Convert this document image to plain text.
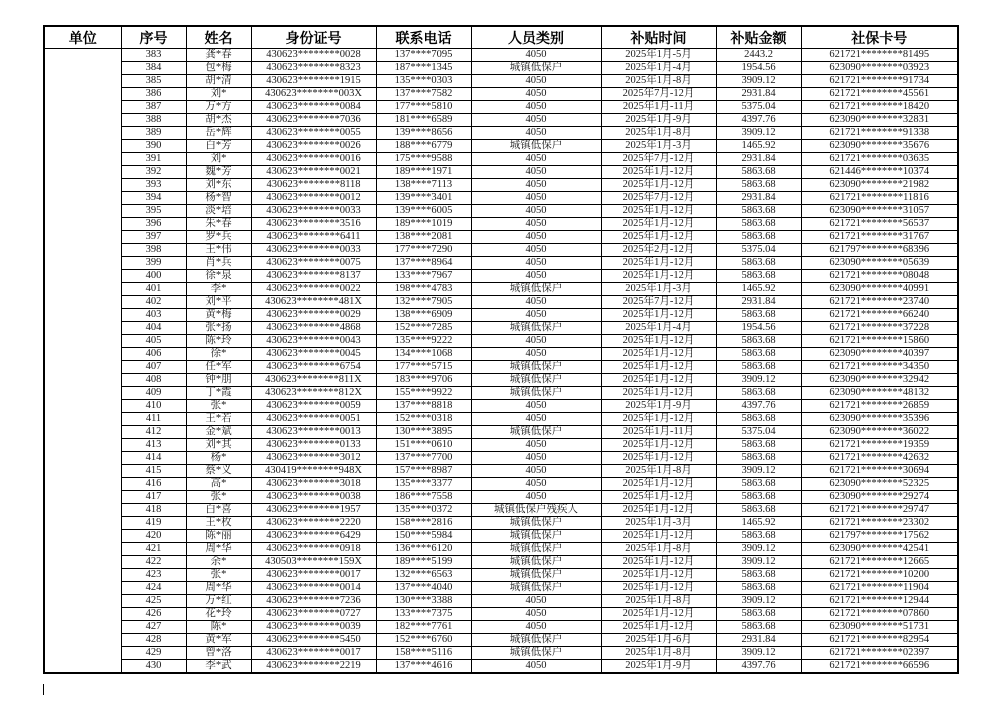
单位	序号	姓名	身份证号	联系电话	人员类别	补贴时间	补贴金额	社保卡号
	383	龚*春	430623********0028	137****7095	4050	2025年1月-5月	2443.2	621721********81495
	384	包*梅	430623********8323	187****1345	城镇低保户	2025年1月-4月	1954.56	623090********03923
	385	胡*清	430623********1915	135****0303	4050	2025年1月-8月	3909.12	621721********91734
	386	刘*	430623********003X	137****7582	4050	2025年7月-12月	2931.84	621721********45561
	387	万*方	430623********0084	177****5810	4050	2025年1月-11月	5375.04	621721********18420
	388	胡*杰	430623********7036	181****6589	4050	2025年1月-9月	4397.76	623090********32831
	389	岳*辉	430623********0055	139****8656	4050	2025年1月-8月	3909.12	621721********91338
	390	白*芳	430623********0026	188****6779	城镇低保户	2025年1月-3月	1465.92	623090********35676
	391	刘*	430623********0016	175****9588	4050	2025年7月-12月	2931.84	621721********03635
	392	魏*芳	430623********0021	189****1971	4050	2025年1月-12月	5863.68	621446********10374
	393	刘*东	430623********8118	138****7113	4050	2025年1月-12月	5863.68	623090********21982
	394	杨*智	430623********0012	139****3401	4050	2025年7月-12月	2931.84	621721********11816
	395	淡*培	430623********0033	139****6005	4050	2025年1月-12月	5863.68	623090********31057
	396	朱*春	430623********3516	189****1019	4050	2025年1月-12月	5863.68	621721********56537
	397	罗*兵	430623********6411	138****2081	4050	2025年1月-12月	5863.68	621721********31767
	398	王*伟	430623********0033	177****7290	4050	2025年2月-12月	5375.04	621797********68396
	399	肖*兵	430623********0075	137****8964	4050	2025年1月-12月	5863.68	623090********05639
	400	徐*泉	430623********8137	133****7967	4050	2025年1月-12月	5863.68	621721********08048
	401	李*	430623********0022	198****4783	城镇低保户	2025年1月-3月	1465.92	623090********40991
	402	刘*平	430623********481X	132****7905	4050	2025年7月-12月	2931.84	621721********23740
	403	黄*梅	430623********0029	138****6909	4050	2025年1月-12月	5863.68	621721********66240
	404	张*扬	430623********4868	152****7285	城镇低保户	2025年1月-4月	1954.56	621721********37228
	405	陈*玲	430623********0043	135****9222	4050	2025年1月-12月	5863.68	621721********15860
	406	徐*	430623********0045	134****1068	4050	2025年1月-12月	5863.68	623090********40397
	407	任*军	430623********6754	177****5715	城镇低保户	2025年1月-12月	5863.68	621721********34350
	408	钟*朋	430623********811X	183****9706	城镇低保户	2025年1月-12月	3909.12	623090********32942
	409	丁*霞	430623********812X	155****9922	城镇低保户	2025年1月-12月	5863.68	623090********48132
	410	张*	430623********0059	137****8818	4050	2025年1月-9月	4397.76	621721********26859
	411	王*若	430623********0051	152****0318	4050	2025年1月-12月	5863.68	623090********35396
	412	金*斌	430623********0013	130****3895	城镇低保户	2025年1月-11月	5375.04	623090********36022
	413	刘*其	430623********0133	151****0610	4050	2025年1月-12月	5863.68	621721********19359
	414	杨*	430623********3012	137****7700	4050	2025年1月-12月	5863.68	621721********42632
	415	蔡*义	430419********948X	157****8987	4050	2025年1月-8月	3909.12	621721********30694
	416	高*	430623********3018	135****3377	4050	2025年1月-12月	5863.68	623090********52325
	417	张*	430623********0038	186****7558	4050	2025年1月-12月	5863.68	623090********29274
	418	白*喜	430623********1957	135****0372	城镇低保户残疾人	2025年1月-12月	5863.68	621721********29747
	419	王*枚	430623********2220	158****2816	城镇低保户	2025年1月-3月	1465.92	621721********23302
	420	陈*丽	430623********6429	150****5984	城镇低保户	2025年1月-12月	5863.68	621797********17562
	421	周*华	430623********0918	136****6120	城镇低保户	2025年1月-8月	3909.12	623090********42541
	422	余*	430503********159X	189****5199	城镇低保户	2025年1月-12月	3909.12	621721********12665
	423	张*	430623********0017	132****6563	城镇低保户	2025年1月-12月	5863.68	621721********10200
	424	周*华	430623********0014	137****4040	城镇低保户	2025年1月-12月	5863.68	621721********11904
	425	万*红	430623********7236	130****3388	4050	2025年1月-8月	3909.12	621721********12944
	426	花*玲	430623********0727	133****7375	4050	2025年1月-12月	5863.68	621721********07860
	427	陈*	430623********0039	182****7761	4050	2025年1月-12月	5863.68	623090********51731
	428	黄*军	430623********5450	152****6760	城镇低保户	2025年1月-6月	2931.84	621721********82954
	429	曾*洛	430623********0017	158****5116	城镇低保户	2025年1月-8月	3909.12	621721********02397
	430	李*武	430623********2219	137****4616	4050	2025年1月-9月	4397.76	621721********66596
